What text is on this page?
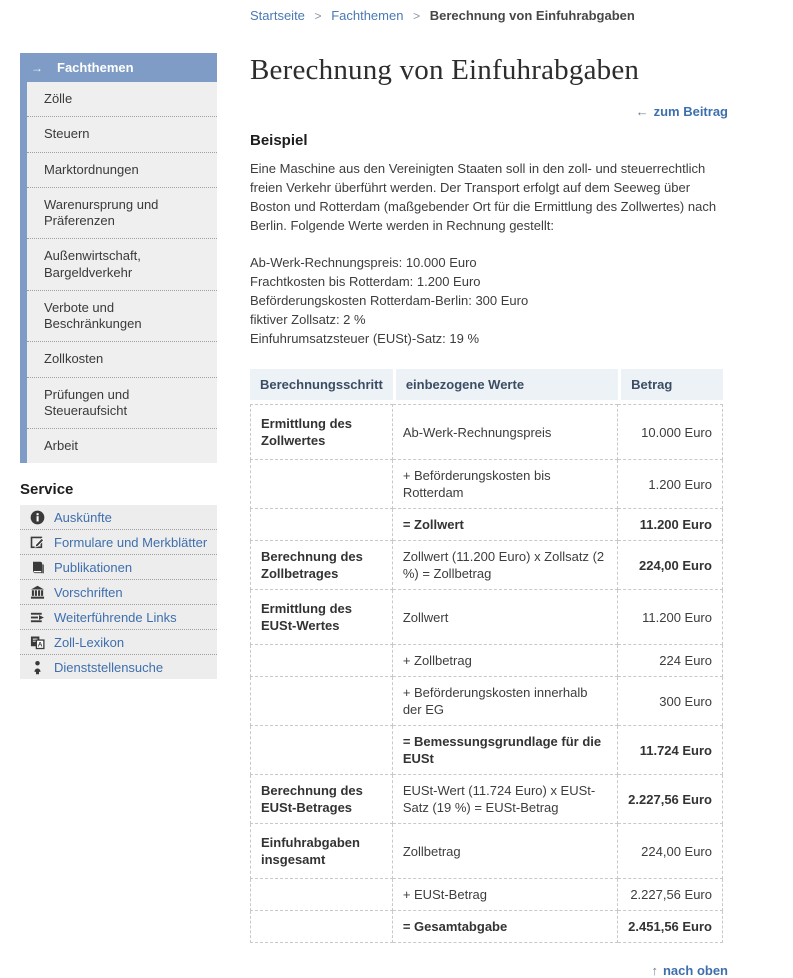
→ Fachthemen
Zölle
Steuern
Marktordnungen
Warenursprung und Präferenzen
Außenwirtschaft, Bargeldverkehr
Verbote und Beschränkungen
Zollkosten
Prüfungen und Steueraufsicht
Arbeit
Service
Auskünfte
Formulare und Merkblätter
Publikationen
Vorschriften
Weiterführende Links
A Zoll-Lexikon
Dienststellensuche
Startseite > Fachthemen > Berechnung von Einfuhrabgaben
Berechnung von Einfuhrabgaben
← zum Beitrag
Beispiel

Eine Maschine aus den Vereinigten Staaten soll in den zoll- und steuerrechtlich freien Verkehr überführt werden. Der Transport erfolgt auf dem Seeweg über Boston und Rotterdam (maßgebender Ort für die Ermittlung des Zollwertes) nach Berlin. Folgende Werte werden in Rechnung gestellt:

Ab-Werk-Rechnungspreis: 10.000 Euro
Frachtkosten bis Rotterdam: 1.200 Euro
Beförderungskosten Rotterdam-Berlin: 300 Euro
fiktiver Zollsatz: 2 %
Einfuhrumsatzsteuer (EUSt)-Satz: 19 %
Berechnungsschritt	einbezogene Werte	Betrag
Ermittlung des Zollwertes	Ab-Werk-Rechnungspreis	10.000 Euro
	+ Beförderungskosten bis Rotterdam	1.200 Euro
	= Zollwert	11.200 Euro
Berechnung des Zollbetrages	Zollwert (11.200 Euro) x Zollsatz (2 %) = Zollbetrag	224,00 Euro
Ermittlung des EUSt-Wertes	Zollwert	11.200 Euro
	+ Zollbetrag	224 Euro
	+ Beförderungskosten innerhalb der EG	300 Euro
	= Bemessungsgrundlage für die EUSt	11.724 Euro
Berechnung des EUSt-Betrages	EUSt-Wert (11.724 Euro) x EUSt-Satz (19 %) = EUSt-Betrag	2.227,56 Euro
Einfuhrabgaben insgesamt	Zollbetrag	224,00 Euro
	+ EUSt-Betrag	2.227,56 Euro
	= Gesamtabgabe	2.451,56 Euro
↑ nach oben
